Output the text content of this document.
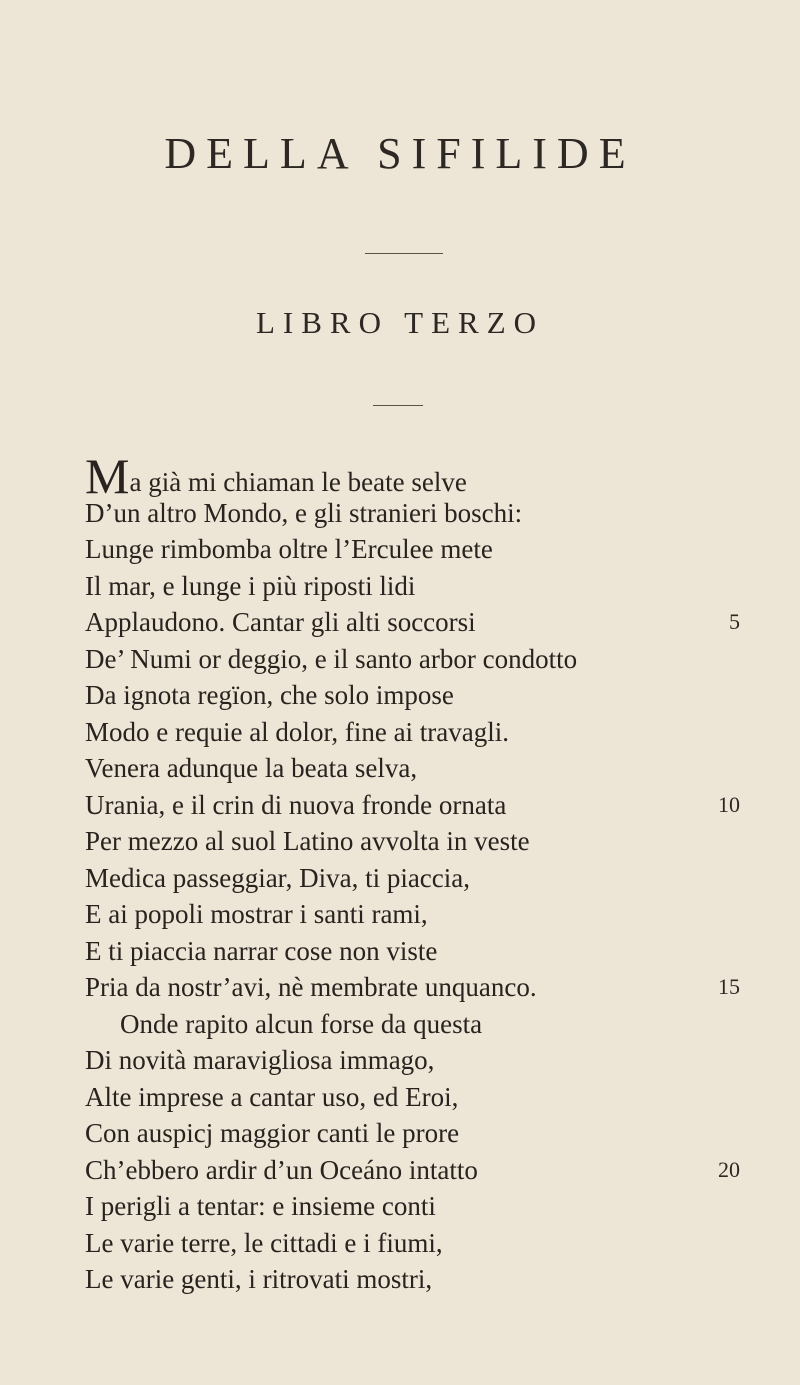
DELLA SIFILIDE
LIBRO TERZO
Ma già mi chiaman le beate selve
D’un altro Mondo, e gli stranieri boschi:
Lunge rimbomba oltre l’Erculee mete
Il mar, e lunge i più riposti lidi
Applaudono. Cantar gli alti soccorsi	5
De’ Numi or deggio, e il santo arbor condotto
Da ignota regïon, che solo impose
Modo e requie al dolor, fine ai travagli.
Venera adunque la beata selva,
Urania, e il crin di nuova fronde ornata	10
Per mezzo al suol Latino avvolta in veste
Medica passeggiar, Diva, ti piaccia,
E ai popoli mostrar i santi rami,
E ti piaccia narrar cose non viste
Pria da nostr’avi, nè membrate unquanco.	15
Onde rapito alcun forse da questa
Di novità maravigliosa immago,
Alte imprese a cantar uso, ed Eroi,
Con auspicj maggior canti le prore
Ch’ebbero ardir d’un Oceáno intatto	20
I perigli a tentar: e insieme conti
Le varie terre, le cittadi e i fiumi,
Le varie genti, i ritrovati mostri,
